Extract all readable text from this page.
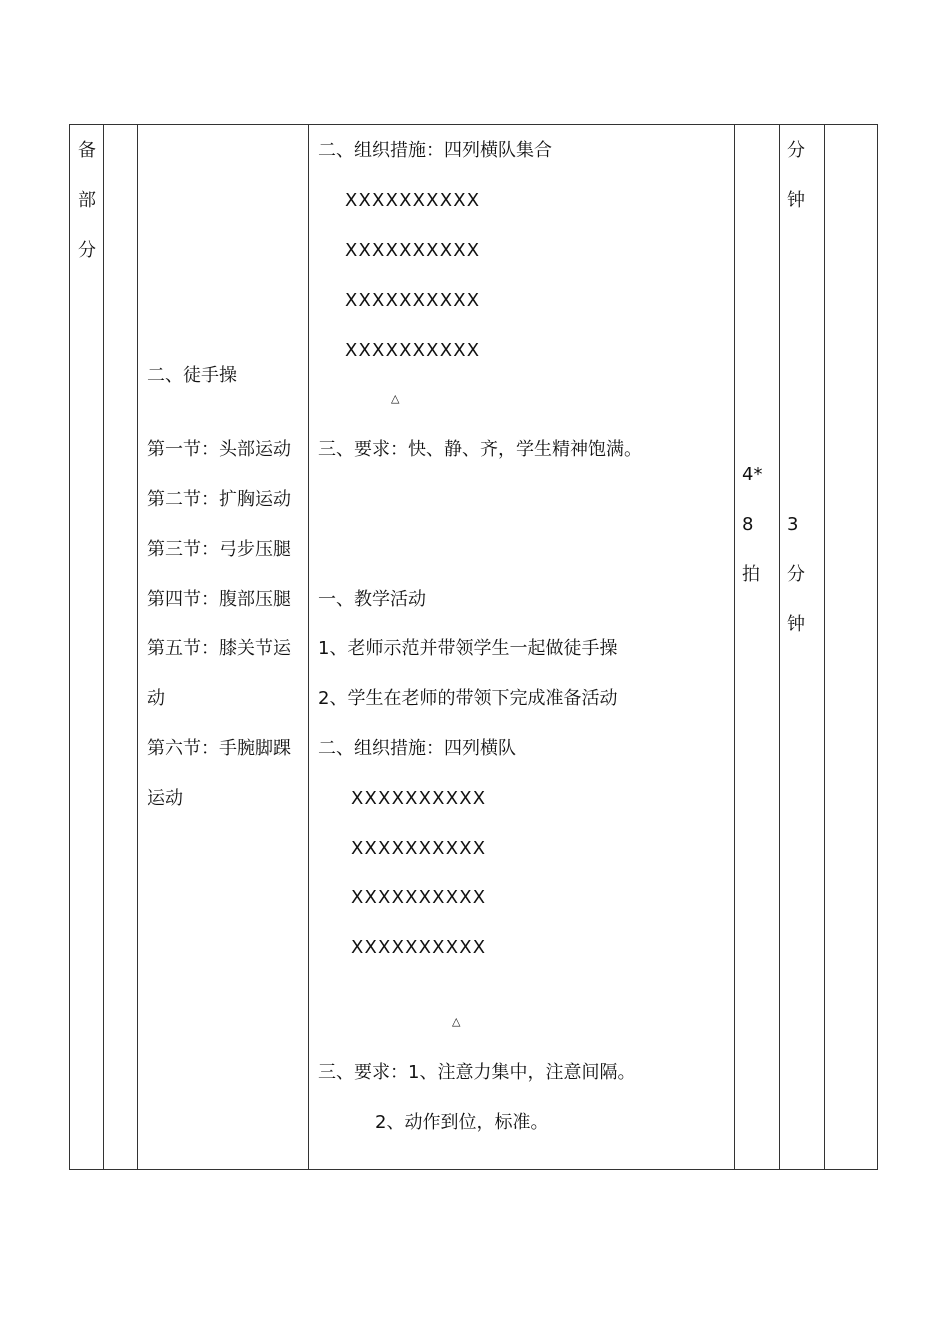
备
部
分
二、徒手操
第一节：头部运动
第二节：扩胸运动
第三节：弓步压腿
第四节：腹部压腿
第五节：膝关节运
动
第六节：手腕脚踝
运动
二、组织措施：四列横队集合
XXXXXXXXXX
XXXXXXXXXX
XXXXXXXXXX
XXXXXXXXXX
△
三、要求：快、静、齐，学生精神饱满。
一、教学活动
1、老师示范并带领学生一起做徒手操
2、学生在老师的带领下完成准备活动
二、组织措施：四列横队
XXXXXXXXXX
XXXXXXXXXX
XXXXXXXXXX
XXXXXXXXXX
△
三、要求：1、注意力集中，注意间隔。
2、动作到位，标准。
4*
8
拍
分
钟
3
分
钟
